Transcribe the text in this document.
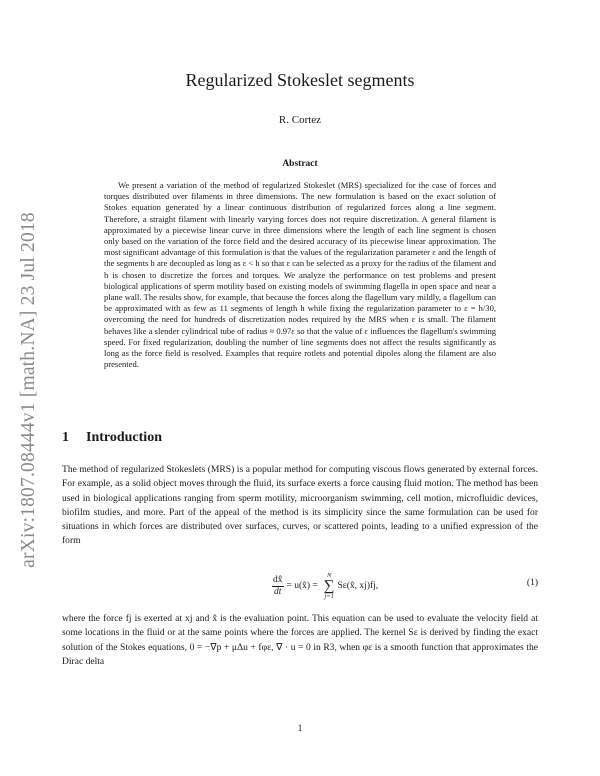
arXiv:1807.08444v1 [math.NA] 23 Jul 2018
Regularized Stokeslet segments
R. Cortez
Abstract

We present a variation of the method of regularized Stokeslet (MRS) specialized for the case of forces and torques distributed over filaments in three dimensions. The new formulation is based on the exact solution of Stokes equation generated by a linear continuous distribution of regularized forces along a line segment. Therefore, a straight filament with linearly varying forces does not require discretization. A general filament is approximated by a piecewise linear curve in three dimensions where the length of each line segment is chosen only based on the variation of the force field and the desired accuracy of its piecewise linear approximation. The most significant advantage of this formulation is that the values of the regularization parameter ε and the length of the segments h are decoupled as long as ε < h so that ε can be selected as a proxy for the radius of the filament and h is chosen to discretize the forces and torques. We analyze the performance on test problems and present biological applications of sperm motility based on existing models of swimming flagella in open space and near a plane wall. The results show, for example, that because the forces along the flagellum vary mildly, a flagellum can be approximated with as few as 11 segments of length h while fixing the regularization parameter to ε = h/30, overcoming the need for hundreds of discretization nodes required by the MRS when ε is small. The filament behaves like a slender cylindrical tube of radius ≈ 0.97ε so that the value of ε influences the flagellum's swimming speed. For fixed regularization, doubling the number of line segments does not affect the results significantly as long as the force field is resolved. Examples that require rotlets and potential dipoles along the filament are also presented.

1 Introduction

The method of regularized Stokeslets (MRS) is a popular method for computing viscous flows generated by external forces. For example, as a solid object moves through the fluid, its surface exerts a force causing fluid motion. The method has been used in biological applications ranging from sperm motility, microorganism swimming, cell motion, microfluidic devices, biofilm studies, and more. Part of the appeal of the method is its simplicity since the same formulation can be used for situations in which forces are distributed over surfaces, curves, or scattered points, leading to a unified expression of the form

$\frac{dx̂}{dt}$ = u(x̂) =
N
∑
j=1
Sε(x̂, xj)fj,	(1)

where the force fj is exerted at xj and x̂ is the evaluation point. This equation can be used to evaluate the velocity field at some locations in the fluid or at the same points where the forces are applied. The kernel Sε is derived by finding the exact solution of the Stokes equations, 0 = −∇p + μΔu + fφε, ∇ · u = 0 in R3, when φε is a smooth function that approximates the Dirac delta

1
